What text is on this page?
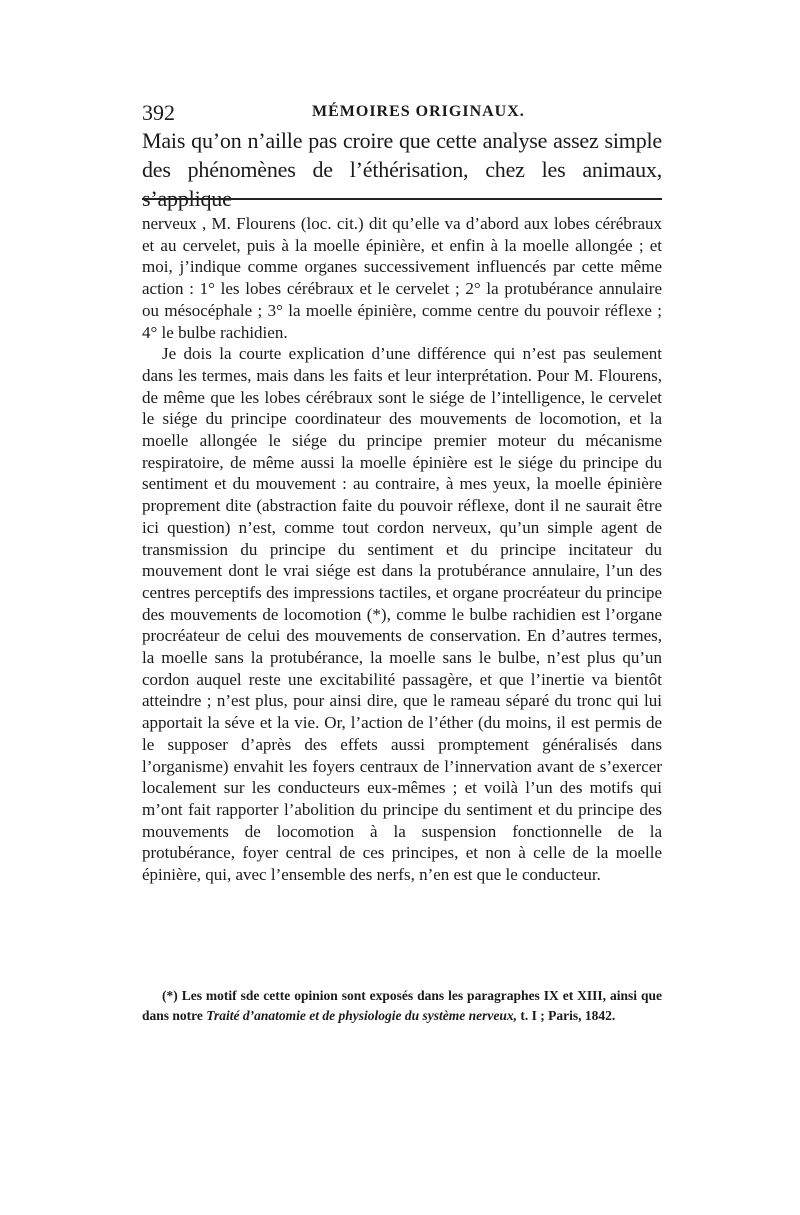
392	MÉMOIRES ORIGINAUX.

Mais qu’on n’aille pas croire que cette analyse assez simple

des phénomènes de l’éthérisation, chez les animaux, s’applique

nerveux , M. Flourens (loc. cit.) dit qu’elle va d’abord aux lobes cérébraux et au cervelet, puis à la moelle épinière, et enfin à la moelle allongée ; et moi, j’indique comme organes successivement influencés par cette même action : 1° les lobes cérébraux et le cervelet ; 2° la protubérance annulaire ou mésocéphale ; 3° la moelle épinière, comme centre du pouvoir réflexe ; 4° le bulbe rachidien.

Je dois la courte explication d’une différence qui n’est pas seulement dans les termes, mais dans les faits et leur interprétation. Pour M. Flourens, de même que les lobes cérébraux sont le siége de l’intelligence, le cervelet le siége du principe coordinateur des mouvements de locomotion, et la moelle allongée le siége du principe premier moteur du mécanisme respiratoire, de même aussi la moelle épinière est le siége du principe du sentiment et du mouvement : au contraire, à mes yeux, la moelle épinière proprement dite (abstraction faite du pouvoir réflexe, dont il ne saurait être ici question) n’est, comme tout cordon nerveux, qu’un simple agent de transmission du principe du sentiment et du principe incitateur du mouvement dont le vrai siége est dans la protubérance annulaire, l’un des centres perceptifs des impressions tactiles, et organe procréateur du principe des mouvements de locomotion (*), comme le bulbe rachidien est l’organe procréateur de celui des mouvements de conservation. En d’autres termes, la moelle sans la protubérance, la moelle sans le bulbe, n’est plus qu’un cordon auquel reste une excitabilité passagère, et que l’inertie va bientôt atteindre ; n’est plus, pour ainsi dire, que le rameau séparé du tronc qui lui apportait la séve et la vie. Or, l’action de l’éther (du moins, il est permis de le supposer d’après des effets aussi promptement généralisés dans l’organisme) envahit les foyers centraux de l’innervation avant de s’exercer localement sur les conducteurs eux-mêmes ; et voilà l’un des motifs qui m’ont fait rapporter l’abolition du principe du sentiment et du principe des mouvements de locomotion à la suspension fonctionnelle de la protubérance, foyer central de ces principes, et non à celle de la moelle épinière, qui, avec l’ensemble des nerfs, n’en est que le conducteur.

(*) Les motif sde cette opinion sont exposés dans les paragraphes IX et XIII, ainsi que dans notre Traité d’anatomie et de physiologie du système nerveux, t. I ; Paris, 1842.
